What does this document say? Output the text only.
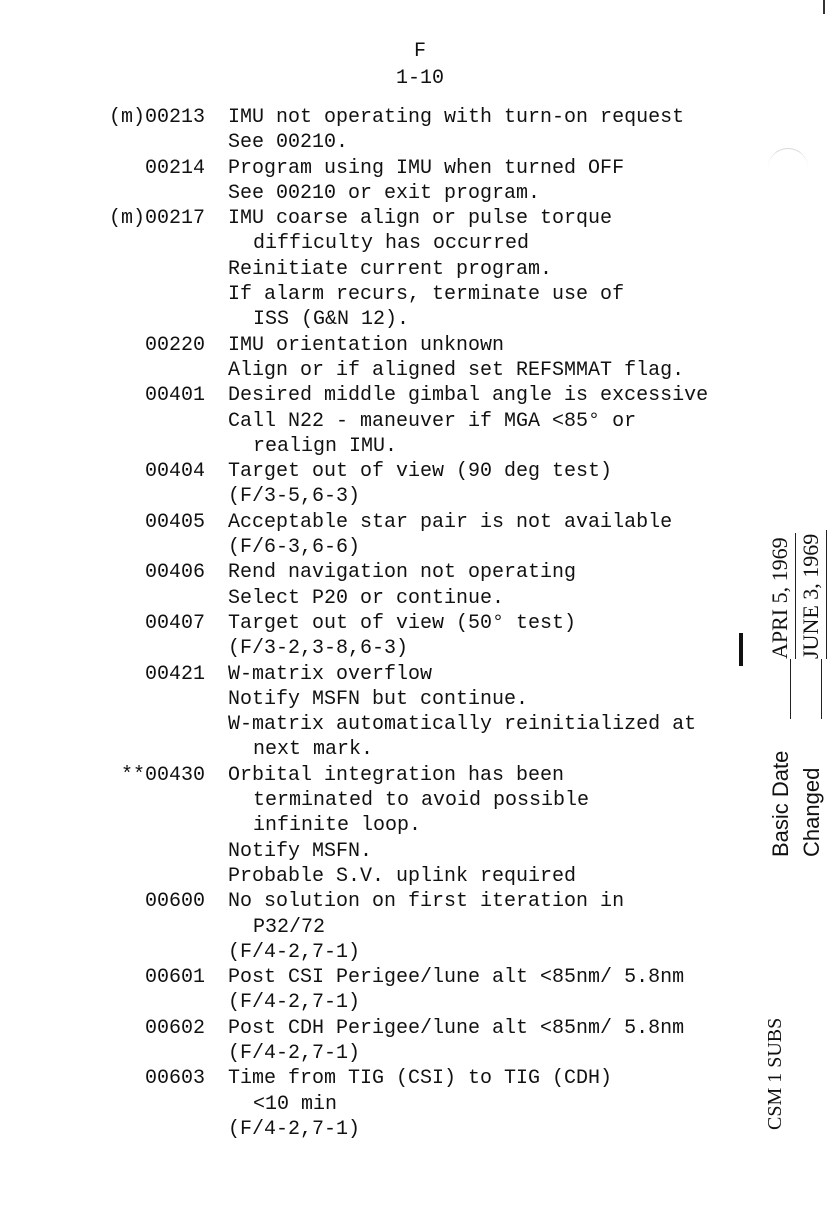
F
1-10
(m)00213 IMU not operating with turn-on request
See 00210.
00214 Program using IMU when turned OFF
See 00210 or exit program.
(m)00217 IMU coarse align or pulse torque
difficulty has occurred
Reinitiate current program.
If alarm recurs, terminate use of
ISS (G&N 12).
00220 IMU orientation unknown
Align or if aligned set REFSMMAT flag.
00401 Desired middle gimbal angle is excessive
Call N22 - maneuver if MGA <85° or
realign IMU.
00404 Target out of view (90 deg test)
(F/3-5,6-3)
00405 Acceptable star pair is not available
(F/6-3,6-6)
00406 Rend navigation not operating
Select P20 or continue.
00407 Target out of view (50° test)
(F/3-2,3-8,6-3)
00421 W-matrix overflow
Notify MSFN but continue.
W-matrix automatically reinitialized at
next mark.
**00430 Orbital integration has been
terminated to avoid possible
infinite loop.
Notify MSFN.
Probable S.V. uplink required
00600 No solution on first iteration in
P32/72
(F/4-2,7-1)
00601 Post CSI Perigee/lune alt <85nm/ 5.8nm
(F/4-2,7-1)
00602 Post CDH Perigee/lune alt <85nm/ 5.8nm
(F/4-2,7-1)
00603 Time from TIG (CSI) to TIG (CDH)
<10 min
(F/4-2,7-1)
Basic Date
APRI 5, 1969
Changed
JUNE 3, 1969
CSM 1 SUBS
